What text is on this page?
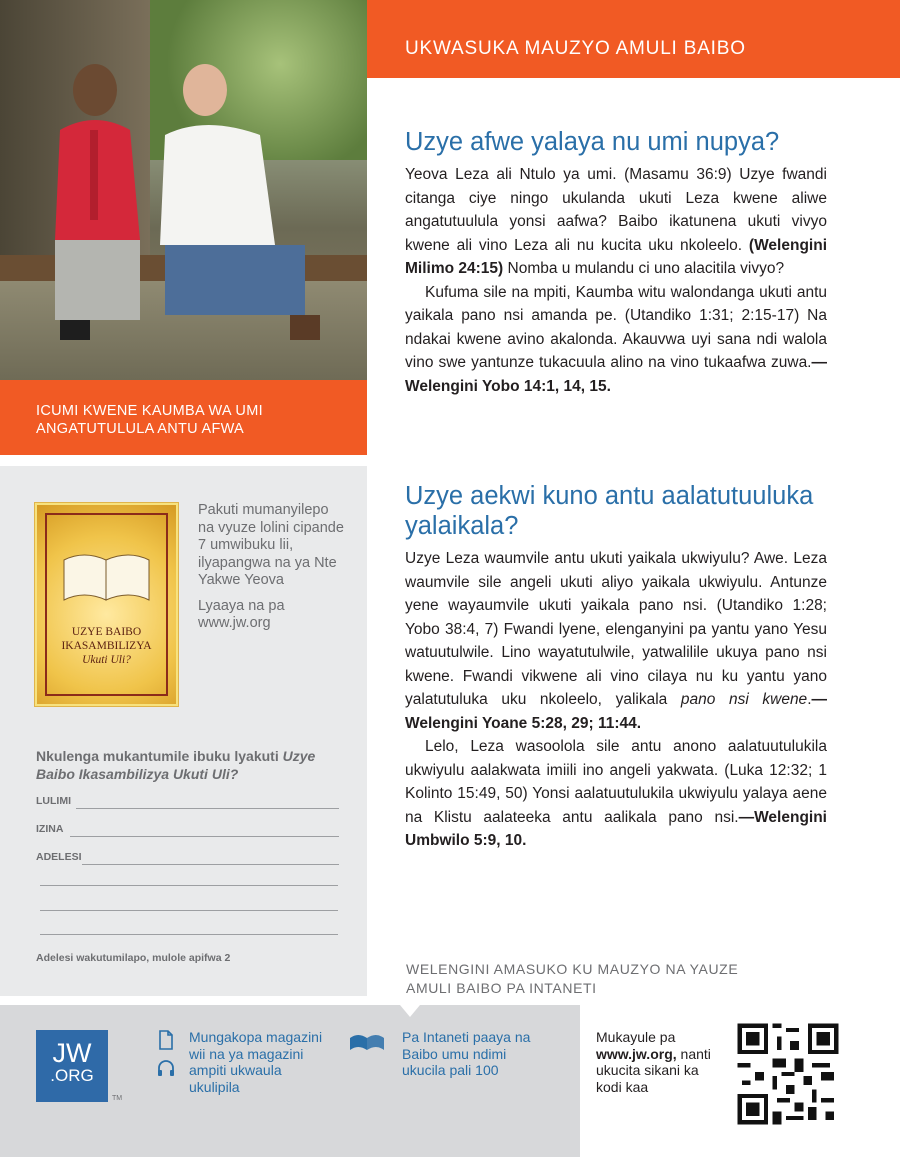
ICUMI KWENE KAUMBA WA UMI ANGATUTULULA ANTU AFWA
UZYE BAIBO
IKASAMBILIZYA
Ukuti Uli?
Pakuti mumanyilepo na vyuze lolini cipande 7 umwibuku lii, ilyapangwa na ya Nte Yakwe Yeova
Lyaaya na pa www.jw.org
Nkulenga mukantumile ibuku lyakuti Uzye Baibo Ikasambilizya Ukuti Uli?
LULIMI
IZINA
ADELESI
Adelesi wakutumilapo, mulole apifwa 2
UKWASUKA MAUZYO AMULI BAIBO
Uzye afwe yalaya nu umi nupya?

Yeova Leza ali Ntulo ya umi. (Masamu 36:9) Uzye fwandi citanga ciye ningo ukulanda ukuti Leza kwene aliwe angatutuulula yonsi aafwa? Baibo ikatunena ukuti vivyo kwene ali vino Leza ali nu kucita uku nkoleelo. (Welengini Milimo 24:15) Nomba u mulandu ci uno alacitila vivyo?

Kufuma sile na mpiti, Kaumba witu walondanga ukuti antu yaikala pano nsi amanda pe. (Utandiko 1:31; 2:15-17) Na ndakai kwene avino akalonda. Akauvwa uyi sana ndi walola vino swe yantunze tukacuula alino na vino tukaafwa zuwa.—Welengini Yobo 14:1, 14, 15.

Uzye aekwi kuno antu aalatutuuluka yalaikala?

Uzye Leza waumvile antu ukuti yaikala ukwiyulu? Awe. Leza waumvile sile angeli ukuti aliyo yaikala ukwiyulu. Antunze yene wayaumvile ukuti yaikala pano nsi. (Utandiko 1:28; Yobo 38:4, 7) Fwandi lyene, elenganyini pa yantu yano Yesu watuutulwile. Lino wayatutulwile, yatwalilile ukuya pano nsi kwene. Fwandi vikwene ali vino cilaya nu ku yantu yano yalatutuluka uku nkoleelo, yalikala pano nsi kwene.—Welengini Yoane 5:28, 29; 11:44.

Lelo, Leza wasoolola sile antu anono aalatuutulukila ukwiyulu aalakwata imiili ino angeli yakwata. (Luka 12:32; 1 Kolinto 15:49, 50) Yonsi aalatuutulukila ukwiyulu yalaya aene na Klistu aalateeka antu aalikala pano nsi.—Welengini Umbwilo 5:9, 10.

WELENGINI AMASUKO KU MAUZYO NA YAUZE AMULI BAIBO PA INTANETI
JW
.ORG
TM
Mungakopa magazini wii na ya magazini ampiti ukwaula ukulipila
Pa Intaneti paaya na Baibo umu ndimi ukucila pali 100
Mukayule pa www.jw.org, nanti ukucita sikani ka kodi kaa
